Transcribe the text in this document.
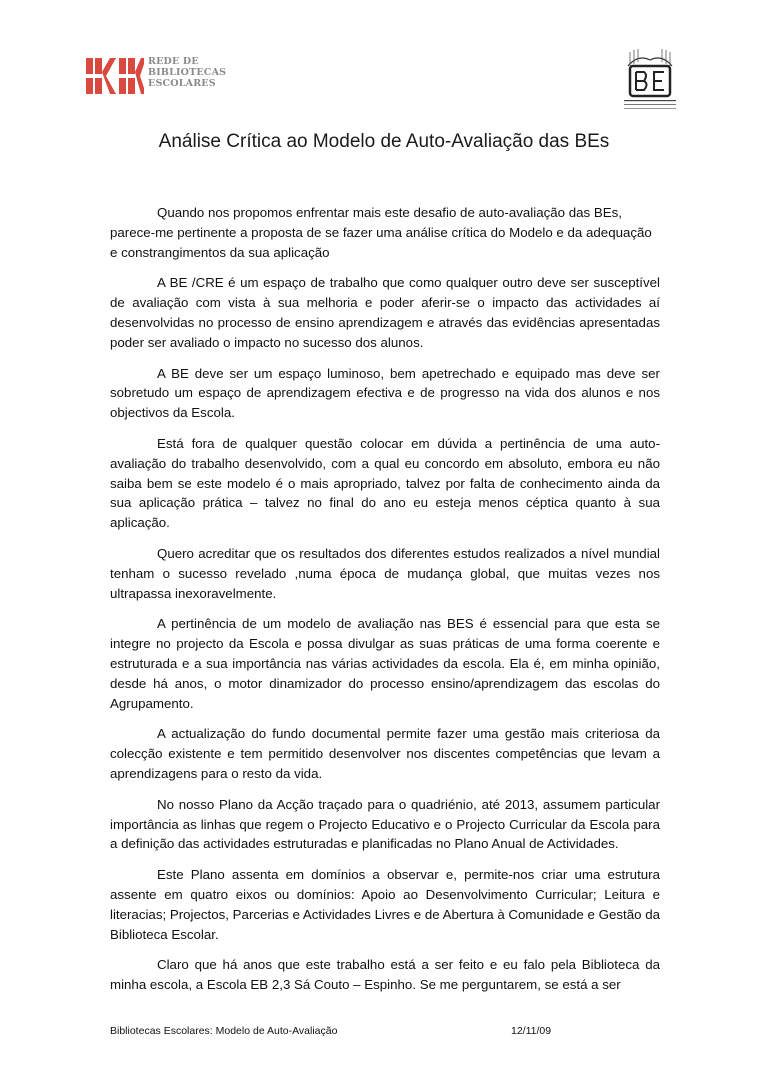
REDE DE
BIBLIOTECAS
ESCOLARES
Análise Crítica ao Modelo de Auto-Avaliação das BEs

Quando nos propomos enfrentar mais este desafio de auto-avaliação das BEs, parece-me pertinente a proposta de se fazer uma análise crítica do Modelo e da adequação e constrangimentos da sua aplicação

A BE /CRE é um espaço de trabalho que como qualquer outro deve ser susceptível de avaliação com vista à sua melhoria e poder aferir-se o impacto das actividades aí desenvolvidas no processo de ensino aprendizagem e através das evidências apresentadas poder ser avaliado o impacto no sucesso dos alunos.

A BE deve ser um espaço luminoso, bem apetrechado e equipado mas deve ser sobretudo um espaço de aprendizagem efectiva e de progresso na vida dos alunos e nos objectivos da Escola.

Está fora de qualquer questão colocar em dúvida a pertinência de uma auto-avaliação do trabalho desenvolvido, com a qual eu concordo em absoluto, embora eu não saiba bem se este modelo é o mais apropriado, talvez por falta de conhecimento ainda da sua aplicação prática – talvez no final do ano eu esteja menos céptica quanto à sua aplicação.

Quero acreditar que os resultados dos diferentes estudos realizados a nível mundial tenham o sucesso revelado ,numa época de mudança global, que muitas vezes nos ultrapassa inexoravelmente.

A pertinência de um modelo de avaliação nas BES é essencial para que esta se integre no projecto da Escola e possa divulgar as suas práticas de uma forma coerente e estruturada e a sua importância nas várias actividades da escola. Ela é, em minha opinião, desde há anos, o motor dinamizador do processo ensino/aprendizagem das escolas do Agrupamento.

A actualização do fundo documental permite fazer uma gestão mais criteriosa da colecção existente e tem permitido desenvolver nos discentes competências que levam a aprendizagens para o resto da vida.

No nosso Plano da Acção traçado para o quadriénio, até 2013, assumem particular importância as linhas que regem o Projecto Educativo e o Projecto Curricular da Escola para a definição das actividades estruturadas e planificadas no Plano Anual de Actividades.

Este Plano assenta em domínios a observar e, permite-nos criar uma estrutura assente em quatro eixos ou domínios: Apoio ao Desenvolvimento Curricular; Leitura e literacias; Projectos, Parcerias e Actividades Livres e de Abertura à Comunidade e Gestão da Biblioteca Escolar.

Claro que há anos que este trabalho está a ser feito e eu falo pela Biblioteca da minha escola, a Escola EB 2,3 Sá Couto – Espinho. Se me perguntarem, se está a ser

Bibliotecas Escolares: Modelo de Auto-Avaliação	12/11/09
